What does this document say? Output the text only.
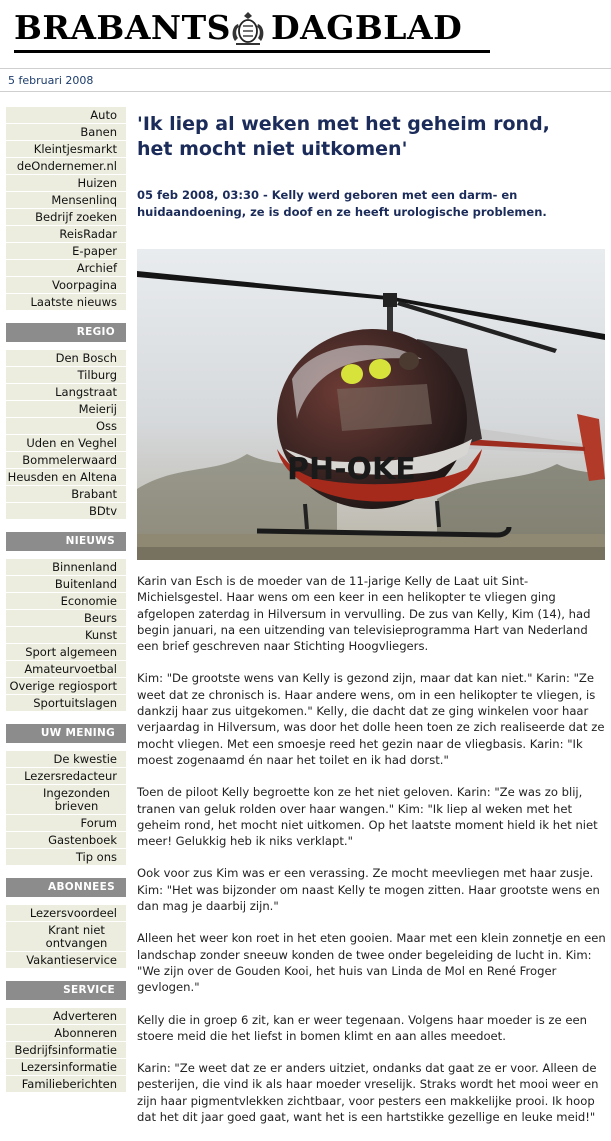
BRABANTS DAGBLAD
5 februari 2008
Auto
Banen
Kleintjesmarkt
deOndernemer.nl
Huizen
Mensenlinq
Bedrijf zoeken
ReisRadar
E-paper
Archief
Voorpagina
Laatste nieuws
REGIO
Den Bosch
Tilburg
Langstraat
Meierij
Oss
Uden en Veghel
Bommelerwaard
Heusden en Altena
Brabant
BDtv
NIEUWS
Binnenland
Buitenland
Economie
Beurs
Kunst
Sport algemeen
Amateurvoetbal
Overige regiosport
Sportuitslagen
UW MENING
De kwestie
Lezersredacteur
Ingezonden brieven
Forum
Gastenboek
Tip ons
ABONNEES
Lezersvoordeel
Krant niet ontvangen
Vakantieservice
SERVICE
Adverteren
Abonneren
Bedrijfsinformatie
Lezersinformatie
Familieberichten
'Ik liep al weken met het geheim rond, het mocht niet uitkomen'

05 feb 2008, 03:30 - Kelly werd geboren met een darm- en huidaandoening, ze is doof en ze heeft urologische problemen.

PH-OKE

Karin van Esch is de moeder van de 11-jarige Kelly de Laat uit Sint-Michielsgestel. Haar wens om een keer in een helikopter te vliegen ging afgelopen zaterdag in Hilversum in vervulling. De zus van Kelly, Kim (14), had begin januari, na een uitzending van televisieprogramma Hart van Nederland een brief geschreven naar Stichting Hoogvliegers.

Kim: "De grootste wens van Kelly is gezond zijn, maar dat kan niet." Karin: "Ze weet dat ze chronisch is. Haar andere wens, om in een helikopter te vliegen, is dankzij haar zus uitgekomen." Kelly, die dacht dat ze ging winkelen voor haar verjaardag in Hilversum, was door het dolle heen toen ze zich realiseerde dat ze mocht vliegen. Met een smoesje reed het gezin naar de vliegbasis. Karin: "Ik moest zogenaamd én naar het toilet en ik had dorst."

Toen de piloot Kelly begroette kon ze het niet geloven. Karin: "Ze was zo blij, tranen van geluk rolden over haar wangen." Kim: "Ik liep al weken met het geheim rond, het mocht niet uitkomen. Op het laatste moment hield ik het niet meer! Gelukkig heb ik niks verklapt."

Ook voor zus Kim was er een verassing. Ze mocht meevliegen met haar zusje. Kim: "Het was bijzonder om naast Kelly te mogen zitten. Haar grootste wens en dan mag je daarbij zijn."

Alleen het weer kon roet in het eten gooien. Maar met een klein zonnetje en een landschap zonder sneeuw konden de twee onder begeleiding de lucht in. Kim: "We zijn over de Gouden Kooi, het huis van Linda de Mol en René Froger gevlogen."

Kelly die in groep 6 zit, kan er weer tegenaan. Volgens haar moeder is ze een stoere meid die het liefst in bomen klimt en aan alles meedoet.

Karin: "Ze weet dat ze er anders uitziet, ondanks dat gaat ze er voor. Alleen de pesterijen, die vind ik als haar moeder vreselijk. Straks wordt het mooi weer en zijn haar pigmentvlekken zichtbaar, voor pesters een makkelijke prooi. Ik hoop dat het dit jaar goed gaat, want het is een hartstikke gezellige en leuke meid!"
